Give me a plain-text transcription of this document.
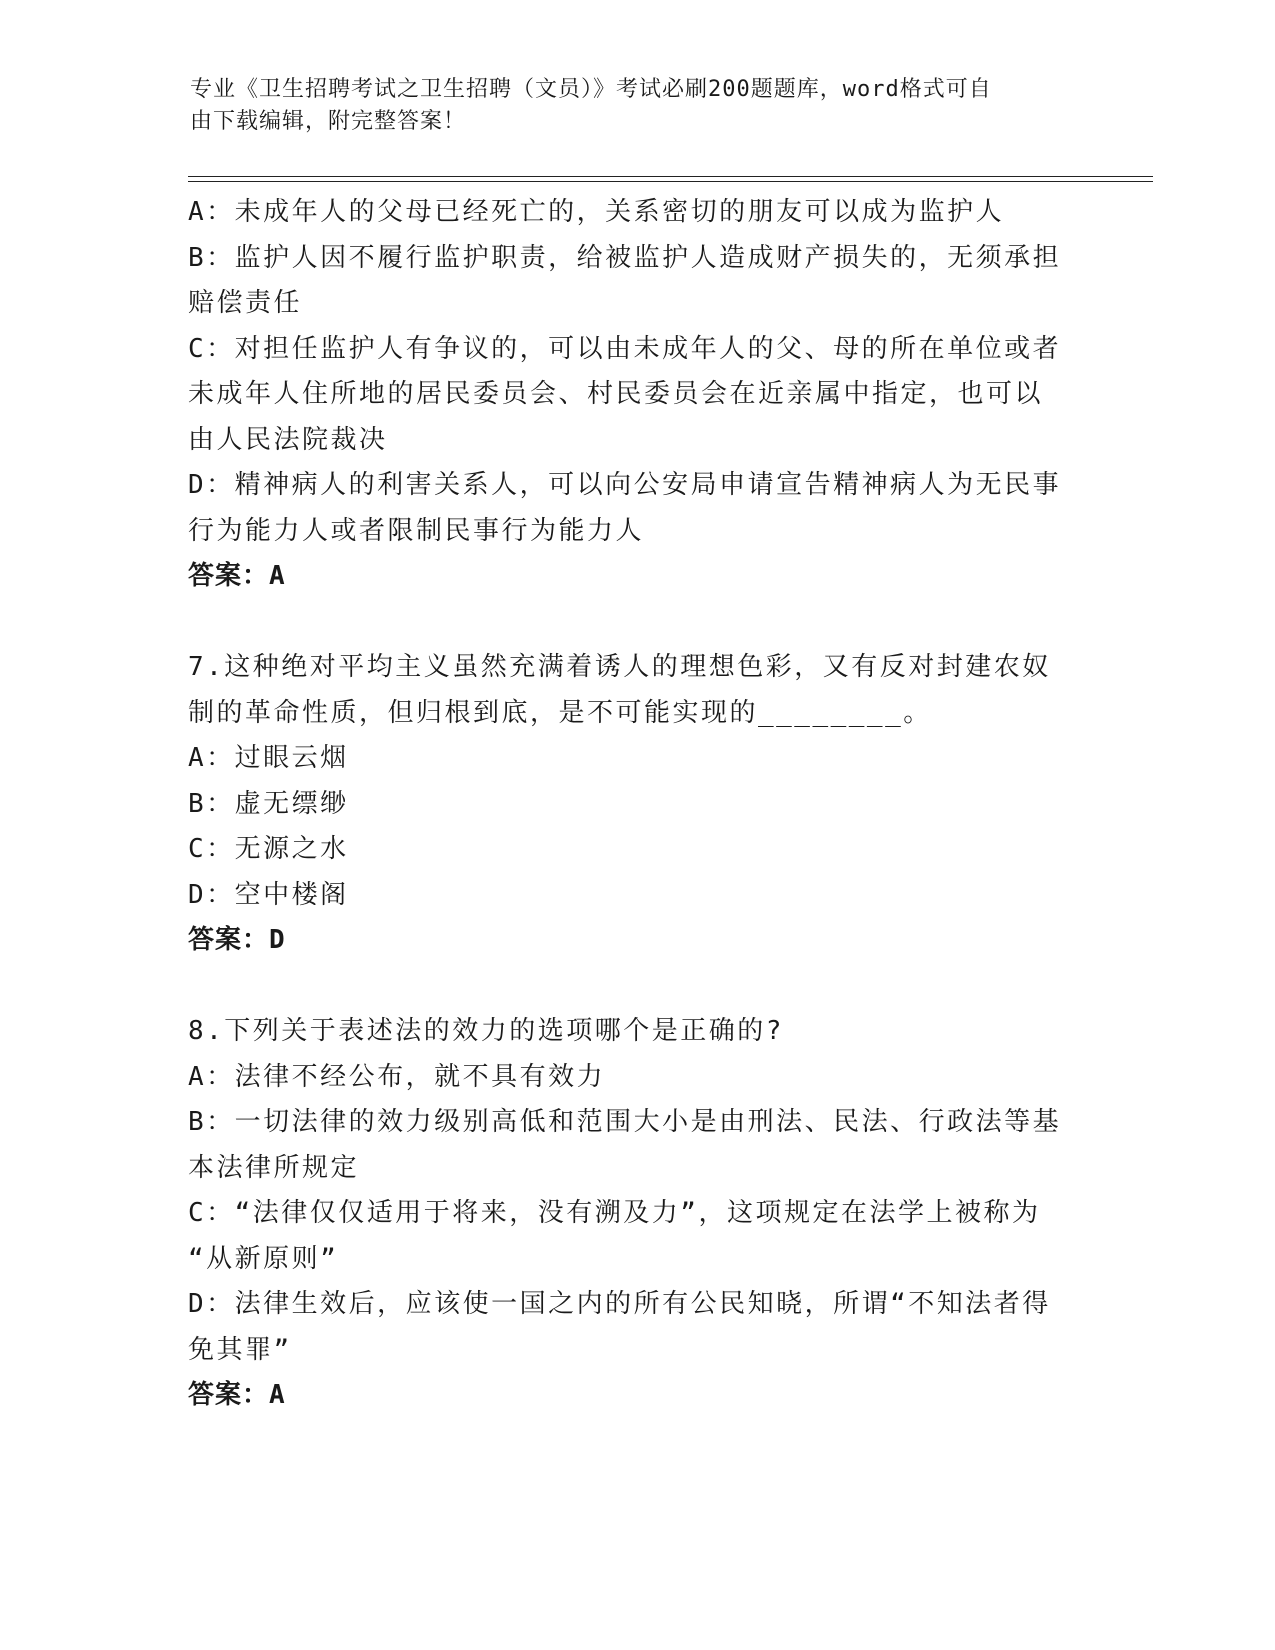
专业《卫生招聘考试之卫生招聘（文员）》考试必刷200题题库，word格式可自
由下载编辑，附完整答案！
A：未成年人的父母已经死亡的，关系密切的朋友可以成为监护人
B：监护人因不履行监护职责，给被监护人造成财产损失的，无须承担
赔偿责任
C：对担任监护人有争议的，可以由未成年人的父、母的所在单位或者
未成年人住所地的居民委员会、村民委员会在近亲属中指定，也可以
由人民法院裁决
D：精神病人的利害关系人，可以向公安局申请宣告精神病人为无民事
行为能力人或者限制民事行为能力人
答案：A
7.这种绝对平均主义虽然充满着诱人的理想色彩，又有反对封建农奴
制的革命性质，但归根到底，是不可能实现的________。
A：过眼云烟
B：虚无缥缈
C：无源之水
D：空中楼阁
答案：D
8.下列关于表述法的效力的选项哪个是正确的?
A：法律不经公布，就不具有效力
B：一切法律的效力级别高低和范围大小是由刑法、民法、行政法等基
本法律所规定
C：“法律仅仅适用于将来，没有溯及力”，这项规定在法学上被称为
“从新原则”
D：法律生效后，应该使一国之内的所有公民知晓，所谓“不知法者得
免其罪”
答案：A
